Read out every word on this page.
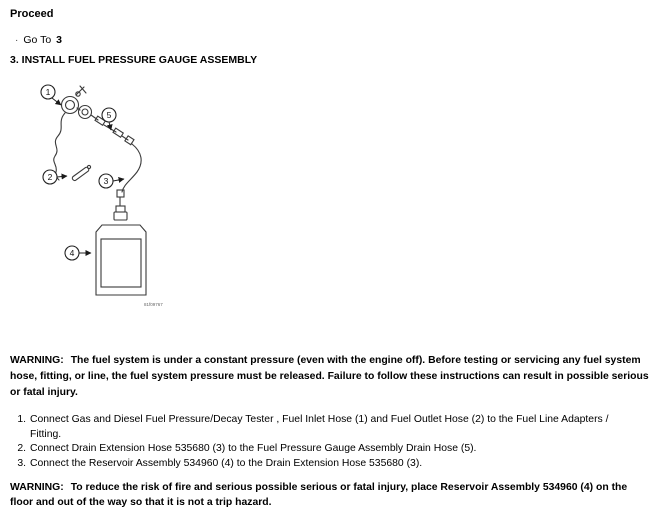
Proceed
· Go To 3
3. INSTALL FUEL PRESSURE GAUGE ASSEMBLY
1
5
2	3
4
81f09767

WARNING: The fuel system is under a constant pressure (even with the engine off). Before testing or servicing any fuel system hose, fitting, or line, the fuel system pressure must be released. Failure to follow these instructions can result in possible serious or fatal injury.

1. Connect Gas and Diesel Fuel Pressure/Decay Tester , Fuel Inlet Hose (1) and Fuel Outlet Hose (2) to the Fuel Line Adapters / Fitting.
2. Connect Drain Extension Hose 535680 (3) to the Fuel Pressure Gauge Assembly Drain Hose (5).
3. Connect the Reservoir Assembly 534960 (4) to the Drain Extension Hose 535680 (3).

WARNING: To reduce the risk of fire and serious possible serious or fatal injury, place Reservoir Assembly 534960 (4) on the floor and out of the way so that it is not a trip hazard.
